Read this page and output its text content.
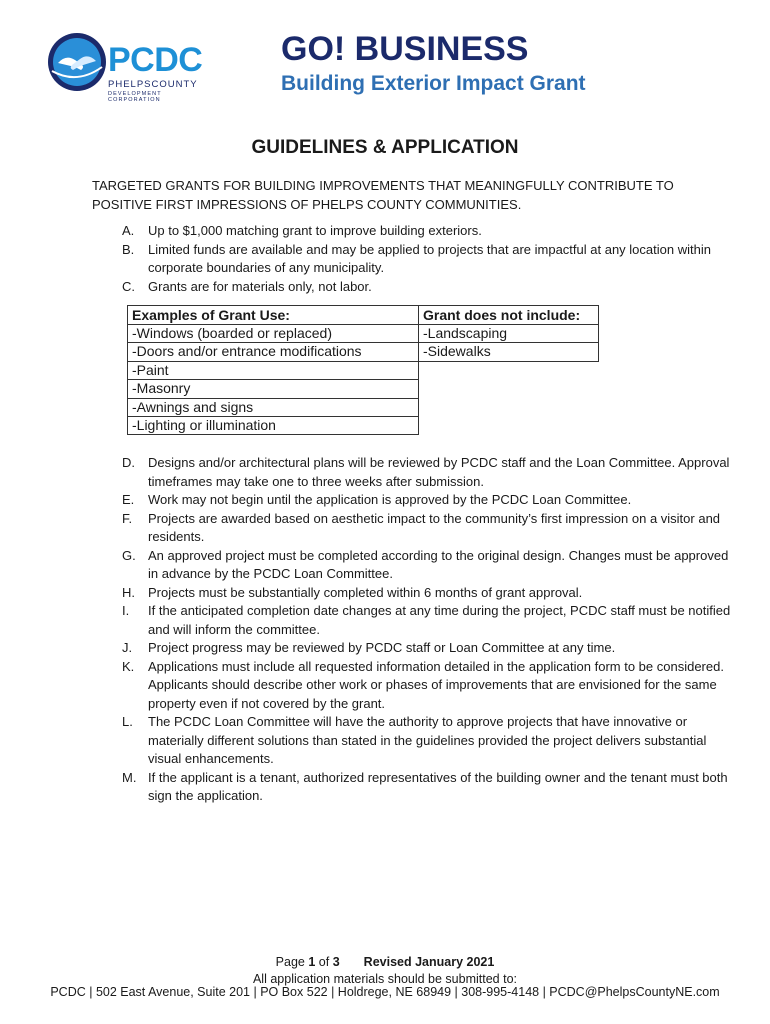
PCDC
PHELPSCOUNTY
DEVELOPMENT CORPORATION
GO! BUSINESS
Building Exterior Impact Grant
GUIDELINES & APPLICATION
TARGETED GRANTS FOR BUILDING IMPROVEMENTS THAT MEANINGFULLY CONTRIBUTE TO POSITIVE FIRST IMPRESSIONS OF PHELPS COUNTY COMMUNITIES.
A. Up to $1,000 matching grant to improve building exteriors.
B. Limited funds are available and may be applied to projects that are impactful at any location within corporate boundaries of any municipality.
C. Grants are for materials only, not labor.
Examples of Grant Use:	Grant does not include:
-Windows (boarded or replaced)	-Landscaping
-Doors and/or entrance modifications	-Sidewalks
-Paint	
-Masonry	
-Awnings and signs	
-Lighting or illumination	
D. Designs and/or architectural plans will be reviewed by PCDC staff and the Loan Committee. Approval timeframes may take one to three weeks after submission.
E. Work may not begin until the application is approved by the PCDC Loan Committee.
F. Projects are awarded based on aesthetic impact to the community’s first impression on a visitor and residents.
G. An approved project must be completed according to the original design. Changes must be approved in advance by the PCDC Loan Committee.
H. Projects must be substantially completed within 6 months of grant approval.
I. If the anticipated completion date changes at any time during the project, PCDC staff must be notified and will inform the committee.
J. Project progress may be reviewed by PCDC staff or Loan Committee at any time.
K. Applications must include all requested information detailed in the application form to be considered. Applicants should describe other work or phases of improvements that are envisioned for the same property even if not covered by the grant.
L. The PCDC Loan Committee will have the authority to approve projects that have innovative or materially different solutions than stated in the guidelines provided the project delivers substantial visual enhancements.
M. If the applicant is a tenant, authorized representatives of the building owner and the tenant must both sign the application.
Page 1 of 3 Revised January 2021
All application materials should be submitted to:
PCDC | 502 East Avenue, Suite 201 | PO Box 522 | Holdrege, NE 68949 | 308-995-4148 | PCDC@PhelpsCountyNE.com
